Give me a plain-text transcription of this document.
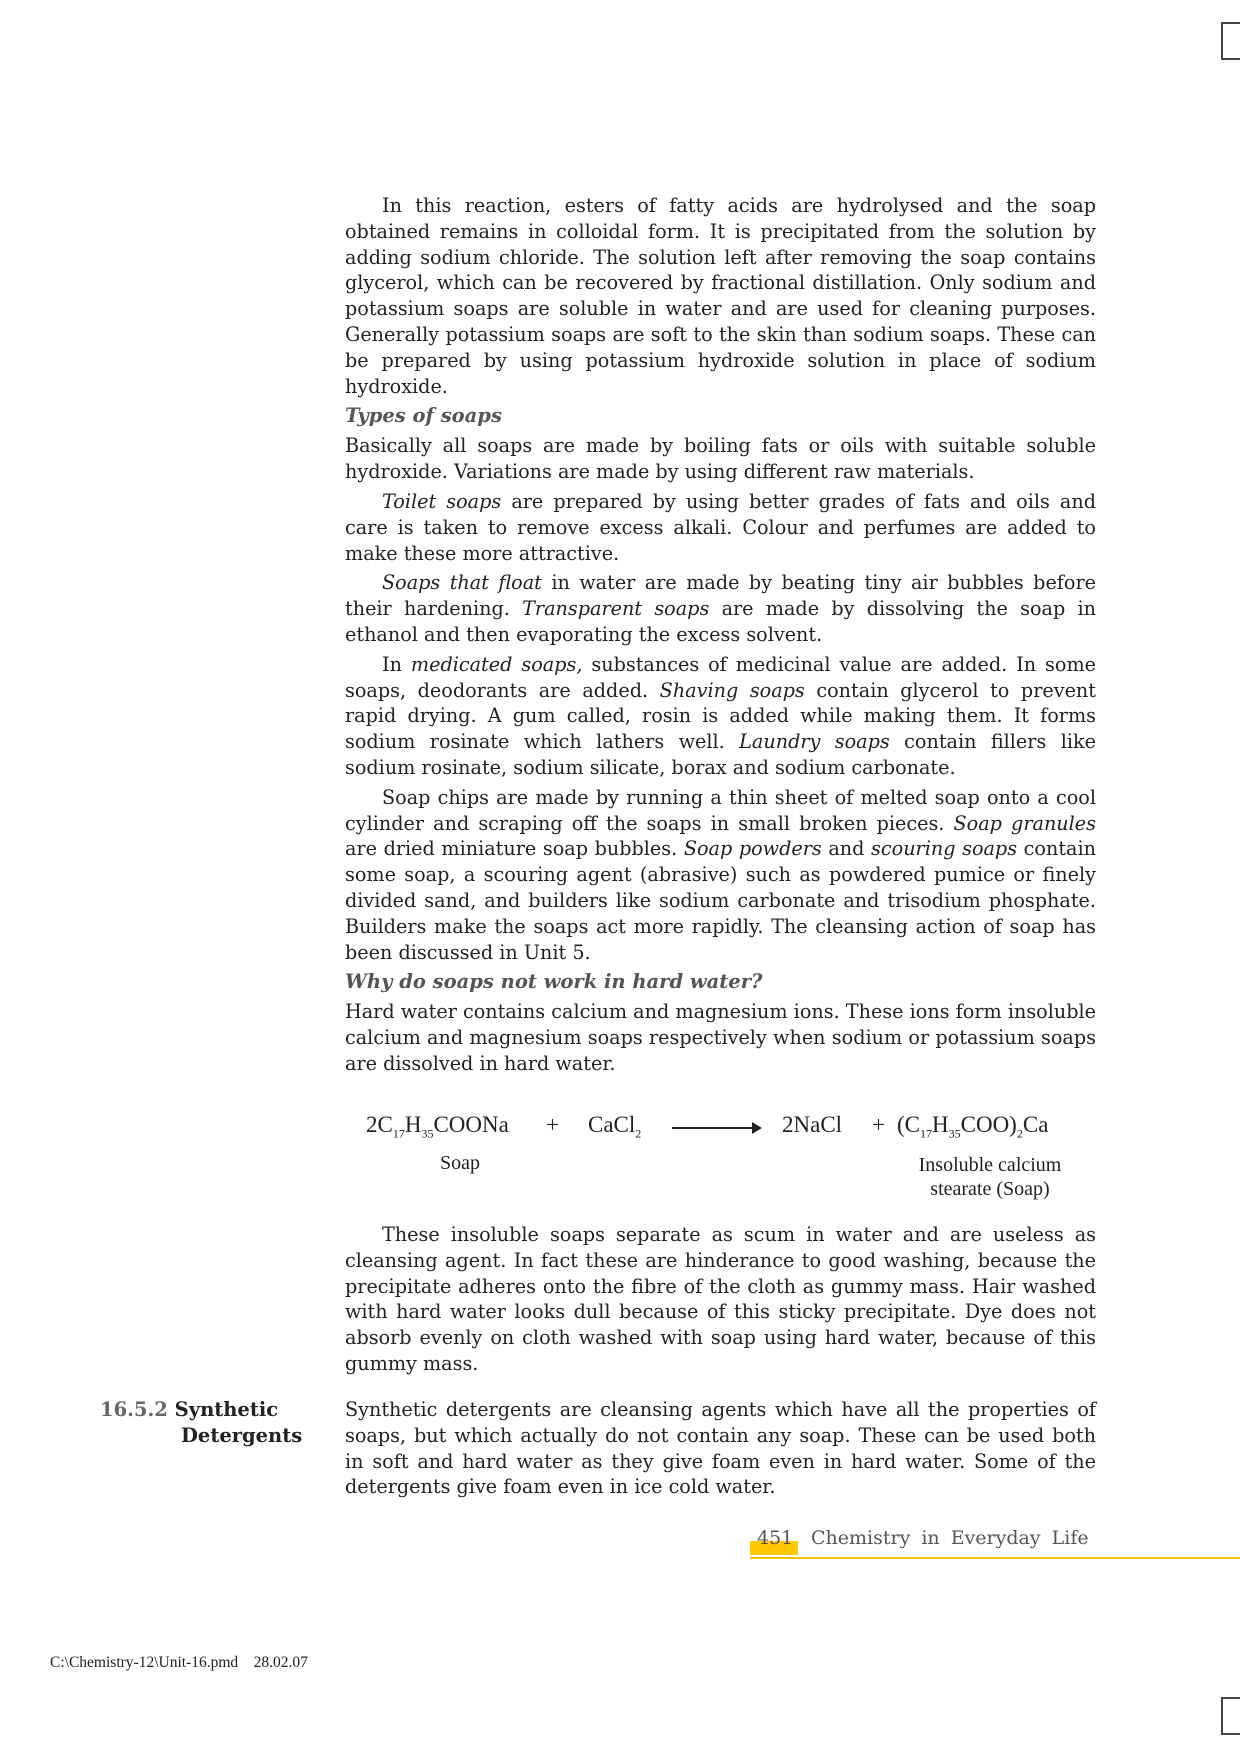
In this reaction, esters of fatty acids are hydrolysed and the soap obtained remains in colloidal form. It is precipitated from the solution by adding sodium chloride. The solution left after removing the soap contains glycerol, which can be recovered by fractional distillation. Only sodium and potassium soaps are soluble in water and are used for cleaning purposes. Generally potassium soaps are soft to the skin than sodium soaps. These can be prepared by using potassium hydroxide solution in place of sodium hydroxide.

Types of soaps

Basically all soaps are made by boiling fats or oils with suitable soluble hydroxide. Variations are made by using different raw materials.

Toilet soaps are prepared by using better grades of fats and oils and care is taken to remove excess alkali. Colour and perfumes are added to make these more attractive.

Soaps that float in water are made by beating tiny air bubbles before their hardening. Transparent soaps are made by dissolving the soap in ethanol and then evaporating the excess solvent.

In medicated soaps, substances of medicinal value are added. In some soaps, deodorants are added. Shaving soaps contain glycerol to prevent rapid drying. A gum called, rosin is added while making them. It forms sodium rosinate which lathers well. Laundry soaps contain fillers like sodium rosinate, sodium silicate, borax and sodium carbonate.

Soap chips are made by running a thin sheet of melted soap onto a cool cylinder and scraping off the soaps in small broken pieces. Soap granules are dried miniature soap bubbles. Soap powders and scouring soaps contain some soap, a scouring agent (abrasive) such as powdered pumice or finely divided sand, and builders like sodium carbonate and trisodium phosphate. Builders make the soaps act more rapidly. The cleansing action of soap has been discussed in Unit 5.

Why do soaps not work in hard water?

Hard water contains calcium and magnesium ions. These ions form insoluble calcium and magnesium soaps respectively when sodium or potassium soaps are dissolved in hard water.

$2C_{17}H_{35}COONa$ + CaCl$_2$	2NaCl + $(C_{17}H_{35}COO)_2Ca$
Soap	Insoluble calcium
stearate (Soap)

These insoluble soaps separate as scum in water and are useless as cleansing agent. In fact these are hinderance to good washing, because the precipitate adheres onto the fibre of the cloth as gummy mass. Hair washed with hard water looks dull because of this sticky precipitate. Dye does not absorb evenly on cloth washed with soap using hard water, because of this gummy mass.

16.5.2 Synthetic
Detergents

Synthetic detergents are cleansing agents which have all the properties of soaps, but which actually do not contain any soap. These can be used both in soft and hard water as they give foam even in hard water. Some of the detergents give foam even in ice cold water.

451 Chemistry in Everyday Life
C:\Chemistry-12\Unit-16.pmd    28.02.07
